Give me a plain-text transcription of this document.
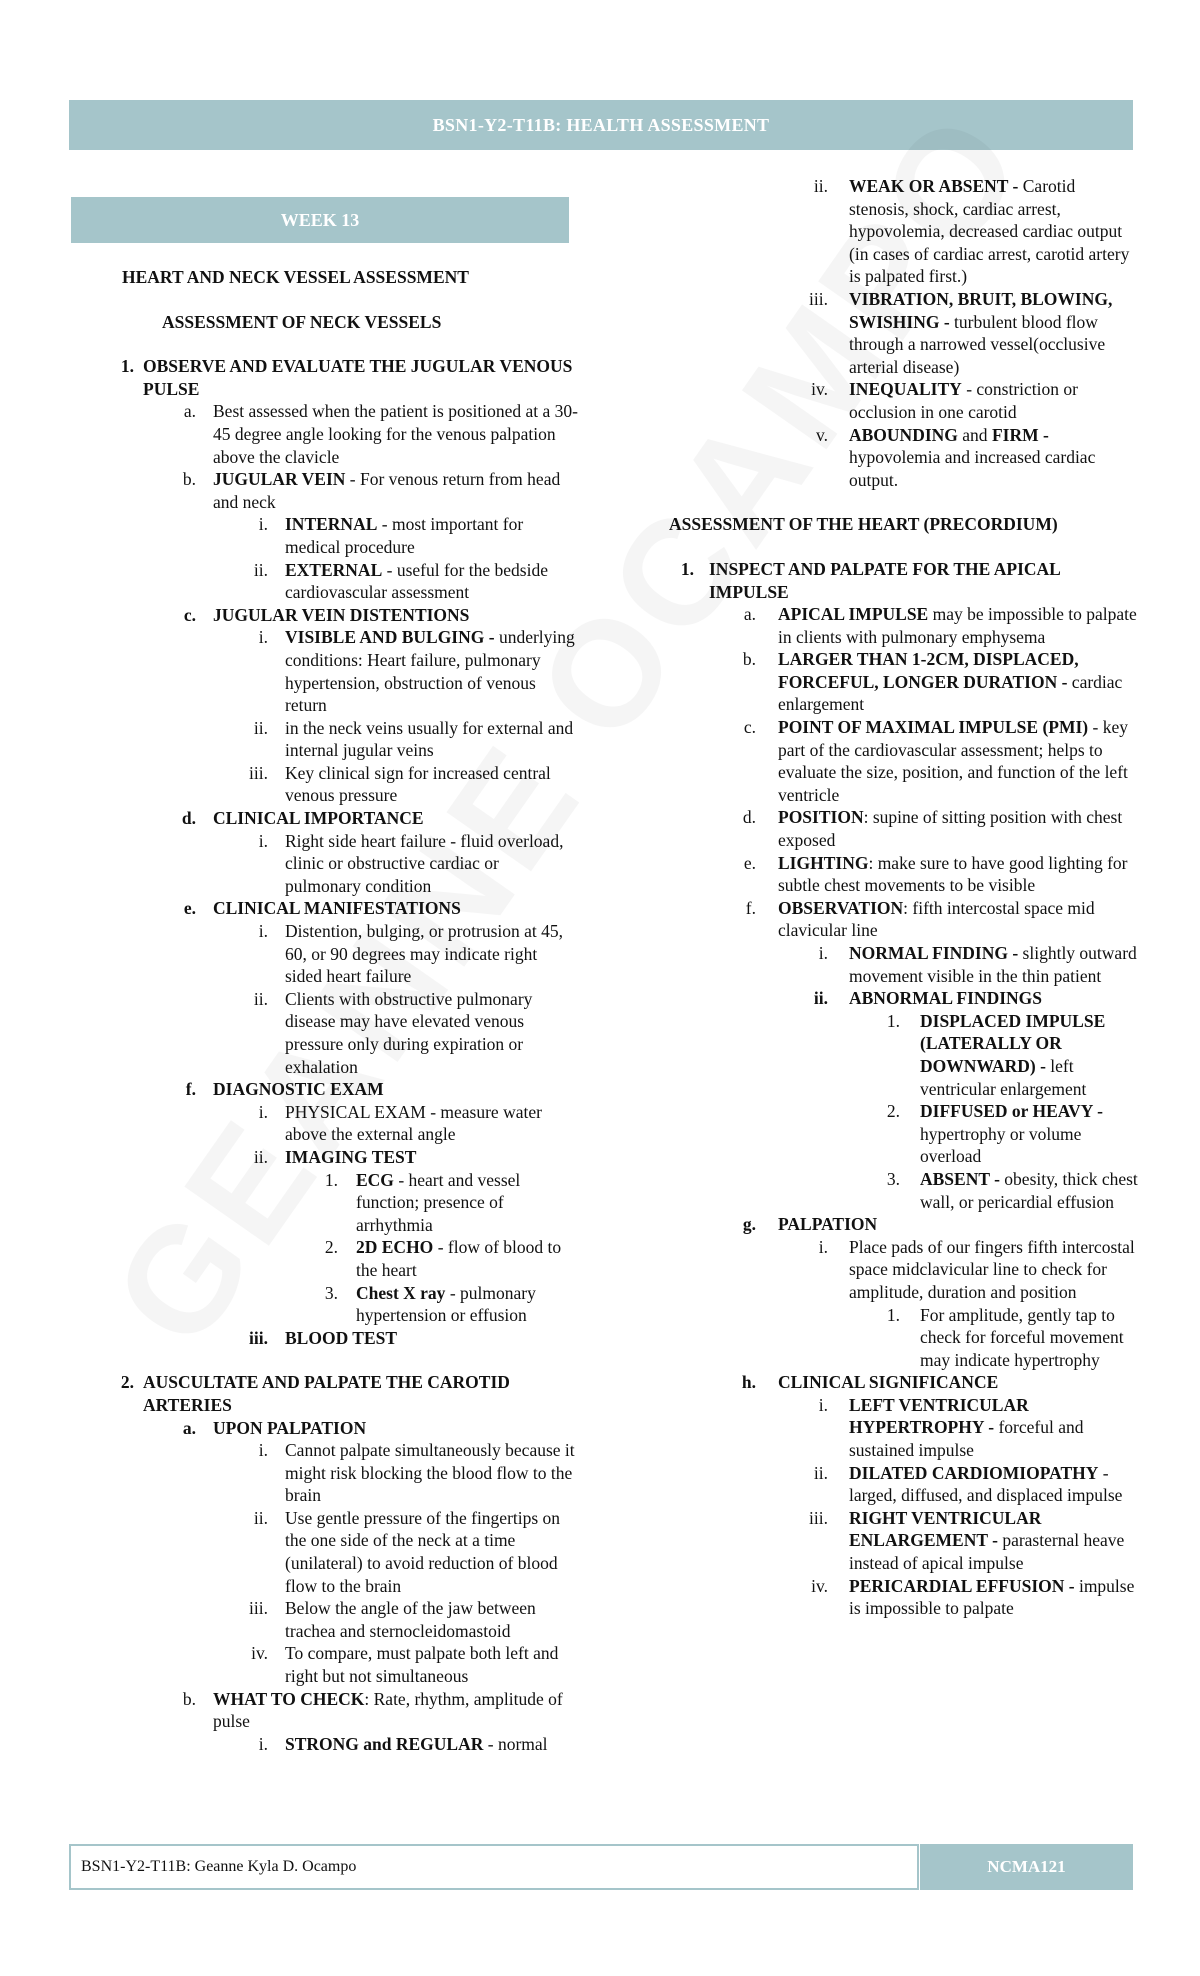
BSN1-Y2-T11B: HEALTH ASSESSMENT
WEEK 13
HEART AND NECK VESSEL ASSESSMENT
ASSESSMENT OF NECK VESSELS
1. OBSERVE AND EVALUATE THE JUGULAR VENOUS PULSE
a. Best assessed when the patient is positioned at a 30-45 degree angle looking for the venous palpation above the clavicle
b. JUGULAR VEIN - For venous return from head and neck
i. INTERNAL - most important for medical procedure
ii. EXTERNAL - useful for the bedside cardiovascular assessment
c. JUGULAR VEIN DISTENTIONS
i. VISIBLE AND BULGING - underlying conditions: Heart failure, pulmonary hypertension, obstruction of venous return
ii. in the neck veins usually for external and internal jugular veins
iii. Key clinical sign for increased central venous pressure
d. CLINICAL IMPORTANCE
i. Right side heart failure - fluid overload, clinic or obstructive cardiac or pulmonary condition
e. CLINICAL MANIFESTATIONS
i. Distention, bulging, or protrusion at 45, 60, or 90 degrees may indicate right sided heart failure
ii. Clients with obstructive pulmonary disease may have elevated venous pressure only during expiration or exhalation
f. DIAGNOSTIC EXAM
i. PHYSICAL EXAM - measure water above the external angle
ii. IMAGING TEST
1. ECG - heart and vessel function; presence of arrhythmia
2. 2D ECHO - flow of blood to the heart
3. Chest X ray - pulmonary hypertension or effusion
iii. BLOOD TEST
2. AUSCULTATE AND PALPATE THE CAROTID ARTERIES
a. UPON PALPATION
i. Cannot palpate simultaneously because it might risk blocking the blood flow to the brain
ii. Use gentle pressure of the fingertips on the one side of the neck at a time (unilateral) to avoid reduction of blood flow to the brain
iii. Below the angle of the jaw between trachea and sternocleidomastoid
iv. To compare, must palpate both left and right but not simultaneous
b. WHAT TO CHECK: Rate, rhythm, amplitude of pulse
i. STRONG and REGULAR - normal
ii. WEAK OR ABSENT - Carotid stenosis, shock, cardiac arrest, hypovolemia, decreased cardiac output (in cases of cardiac arrest, carotid artery is palpated first.)
iii. VIBRATION, BRUIT, BLOWING, SWISHING - turbulent blood flow through a narrowed vessel(occlusive arterial disease)
iv. INEQUALITY - constriction or occlusion in one carotid
v. ABOUNDING and FIRM - hypovolemia and increased cardiac output.
ASSESSMENT OF THE HEART (PRECORDIUM)
1. INSPECT AND PALPATE FOR THE APICAL IMPULSE
a. APICAL IMPULSE may be impossible to palpate in clients with pulmonary emphysema
b. LARGER THAN 1-2CM, DISPLACED, FORCEFUL, LONGER DURATION - cardiac enlargement
c. POINT OF MAXIMAL IMPULSE (PMI) - key part of the cardiovascular assessment; helps to evaluate the size, position, and function of the left ventricle
d. POSITION: supine of sitting position with chest exposed
e. LIGHTING: make sure to have good lighting for subtle chest movements to be visible
f. OBSERVATION: fifth intercostal space mid clavicular line
i. NORMAL FINDING - slightly outward movement visible in the thin patient
ii. ABNORMAL FINDINGS
1. DISPLACED IMPULSE (LATERALLY OR DOWNWARD) - left ventricular enlargement
2. DIFFUSED or HEAVY - hypertrophy or volume overload
3. ABSENT - obesity, thick chest wall, or pericardial effusion
g. PALPATION
i. Place pads of our fingers fifth intercostal space midclavicular line to check for amplitude, duration and position
1. For amplitude, gently tap to check for forceful movement may indicate hypertrophy
h. CLINICAL SIGNIFICANCE
i. LEFT VENTRICULAR HYPERTROPHY - forceful and sustained impulse
ii. DILATED CARDIOMIOPATHY - larged, diffused, and displaced impulse
iii. RIGHT VENTRICULAR ENLARGEMENT - parasternal heave instead of apical impulse
iv. PERICARDIAL EFFUSION - impulse is impossible to palpate
BSN1-Y2-T11B: Geanne Kyla D. Ocampo	NCMA121
